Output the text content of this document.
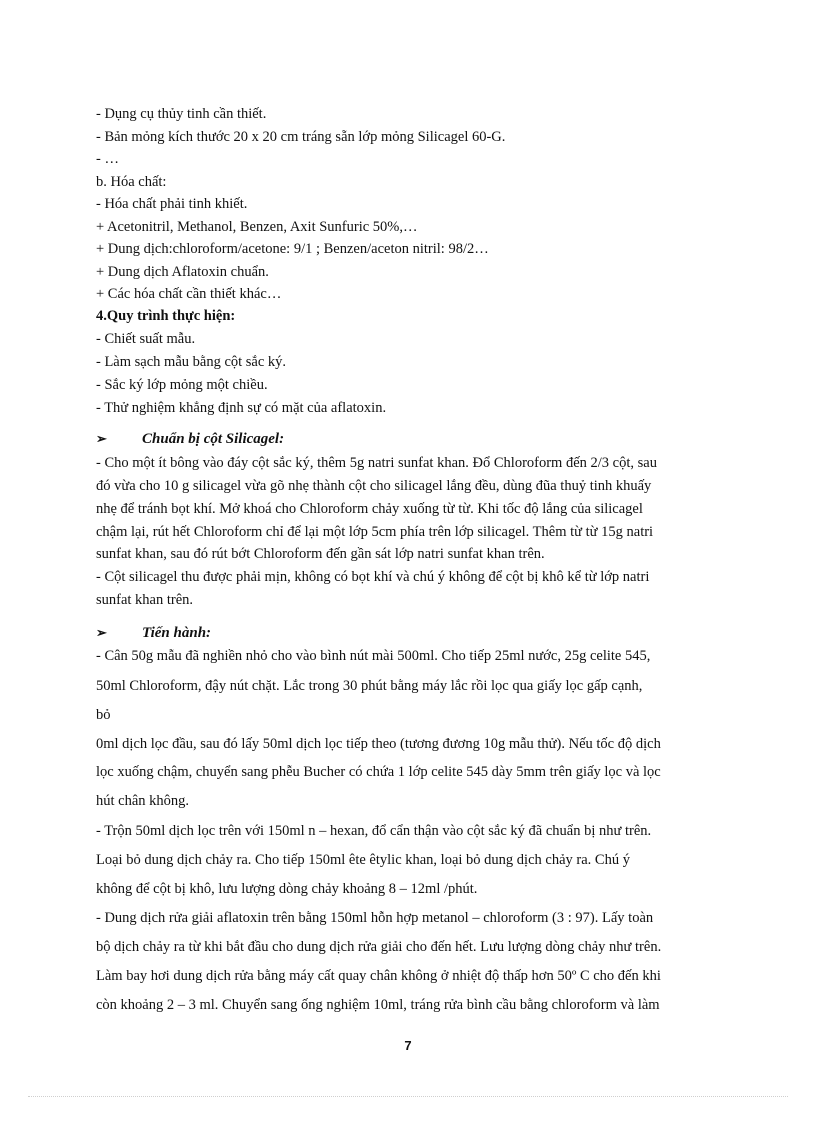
- Dụng cụ thủy tinh cần thiết.
- Bản mỏng kích thước 20 x 20 cm tráng sẵn lớp mỏng Silicagel 60-G.
- …
b. Hóa chất:
- Hóa chất phải tinh khiết.
+ Acetonitril, Methanol, Benzen, Axit Sunfuric 50%,…
+ Dung dịch:chloroform/acetone: 9/1 ; Benzen/aceton nitril: 98/2…
+ Dung dịch Aflatoxin chuẩn.
+ Các hóa chất cần thiết khác…
4.Quy trình thực hiện:
- Chiết suất mẫu.
- Làm sạch mẫu bằng cột sắc ký.
- Sắc ký lớp mỏng một chiều.
- Thử nghiệm khẳng định sự có mặt của aflatoxin.
➢ Chuẩn bị cột Silicagel:
- Cho một ít bông vào đáy cột sắc ký, thêm 5g natri sunfat khan. Đổ Chloroform đến 2/3 cột, sau
đó vừa cho 10 g silicagel vừa gõ nhẹ thành cột cho silicagel lắng đều, dùng đũa thuỷ tinh khuấy
nhẹ để tránh bọt khí. Mở khoá cho Chloroform chảy xuống từ từ. Khi tốc độ lắng của silicagel
chậm lại, rút hết Chloroform chỉ để lại một lớp 5cm phía trên lớp silicagel. Thêm từ từ 15g natri
sunfat khan, sau đó rút bớt Chloroform đến gần sát lớp natri sunfat khan trên.
- Cột silicagel thu được phải mịn, không có bọt khí và chú ý không để cột bị khô kể từ lớp natri
sunfat khan trên.
➢ Tiến hành:
- Cân 50g mẫu đã nghiền nhỏ cho vào bình nút mài 500ml. Cho tiếp 25ml nước, 25g celite 545,
50ml Chloroform, đậy nút chặt. Lắc trong 30 phút bằng máy lắc rồi lọc qua giấy lọc gấp cạnh,
bỏ
0ml dịch lọc đầu, sau đó lấy 50ml dịch lọc tiếp theo (tương đương 10g mẫu thử). Nếu tốc độ dịch
lọc xuống chậm, chuyển sang phễu Bucher có chứa 1 lớp celite 545 dày 5mm trên giấy lọc và lọc
hút chân không.
- Trộn 50ml dịch lọc trên với 150ml n – hexan, đổ cẩn thận vào cột sắc ký đã chuẩn bị như trên.
Loại bỏ dung dịch chảy ra. Cho tiếp 150ml ête êtylic khan, loại bỏ dung dịch chảy ra. Chú ý
không để cột bị khô, lưu lượng dòng chảy khoảng 8 – 12ml /phút.
- Dung dịch rửa giải aflatoxin trên bằng 150ml hỗn hợp metanol – chloroform (3 : 97). Lấy toàn
bộ dịch chảy ra từ khi bắt đầu cho dung dịch rửa giải cho đến hết. Lưu lượng dòng chảy như trên.
Làm bay hơi dung dịch rửa bằng máy cất quay chân không ở nhiệt độ thấp hơn 50º C cho đến khi
còn khoảng 2 – 3 ml. Chuyển sang ống nghiệm 10ml, tráng rửa bình cầu bằng chloroform và làm
7
